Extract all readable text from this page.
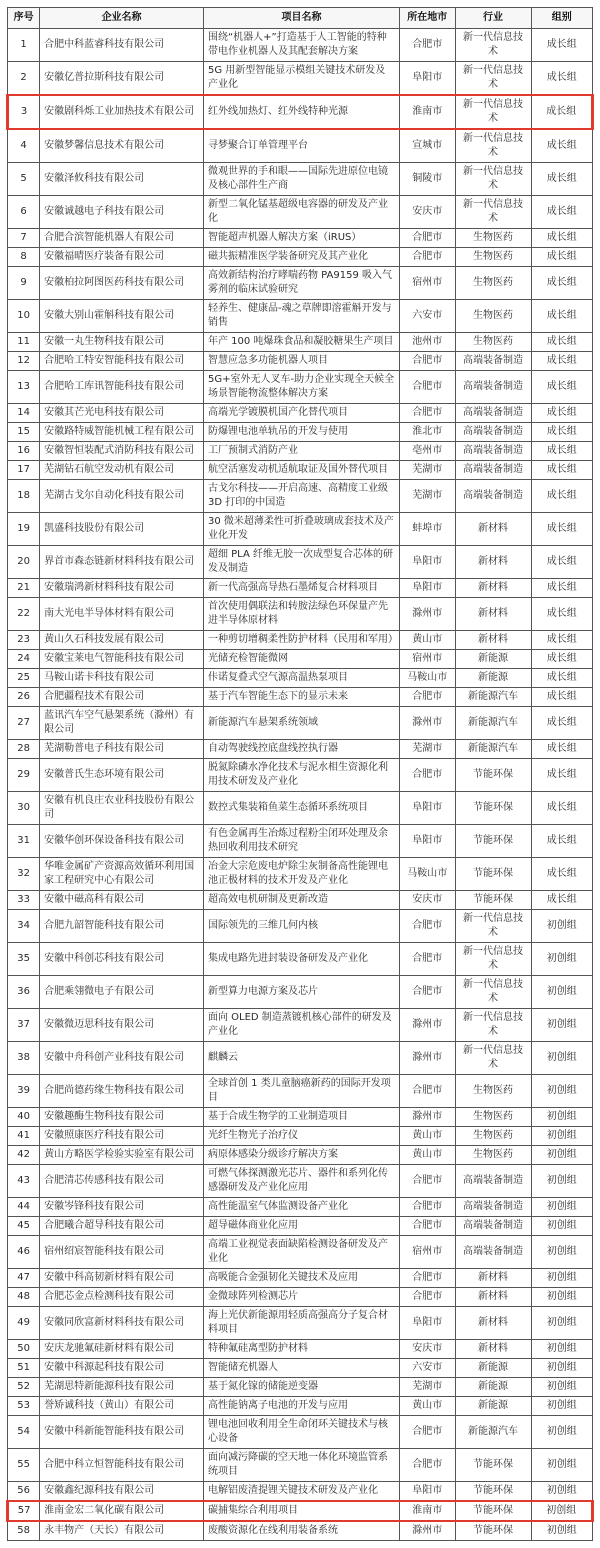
序号	企业名称	项目名称	所在地市	行业	组别
1	合肥中科蓝睿科技有限公司	围绕“机器人+”打造基于人工智能的特种带电作业机器人及其配套解决方案	合肥市	新一代信息技术	成长组
2	安徽亿普拉斯科技有限公司	5G 用新型智能显示模组关键技术研发及产业化	阜阳市	新一代信息技术	成长组
3	安徽剧科烁工业加热技术有限公司	红外线加热灯、红外线特种光源	淮南市	新一代信息技术	成长组
4	安徽梦馨信息技术有限公司	寻梦聚合订单管理平台	宣城市	新一代信息技术	成长组
5	安徽泽攸科技有限公司	微观世界的手和眼——国际先进原位电镜及核心部件生产商	铜陵市	新一代信息技术	成长组
6	安徽诚越电子科技有限公司	新型二氧化锰基超级电容器的研发及产业化	安庆市	新一代信息技术	成长组
7	合肥合滨智能机器人有限公司	智能超声机器人解决方案（iRUS）	合肥市	生物医药	成长组
8	安徽福晴医疗装备有限公司	磁共振精准医学装备研究及其产业化	合肥市	生物医药	成长组
9	安徽柏拉阿图医药科技有限公司	高效新结构治疗哮喘药物 PA9159 吸入气雾剂的临床试验研究	宿州市	生物医药	成长组
10	安徽大别山霍斛科技有限公司	轻养生、健康品-魂之草牌即溶霍斛开发与销售	六安市	生物医药	成长组
11	安徽一丸生物科技有限公司	年产 100 吨爆珠食品和凝胶糖果生产项目	池州市	生物医药	成长组
12	合肥哈工特安智能科技有限公司	智慧应急多功能机器人项目	合肥市	高端装备制造	成长组
13	合肥哈工库讯智能科技有限公司	5G+室外无人叉车-助力企业实现全天候全场景智能物流整体解决方案	合肥市	高端装备制造	成长组
14	安徽其芒光电科技有限公司	高端光学镀膜机国产化替代项目	合肥市	高端装备制造	成长组
15	安徽路特威智能机械工程有限公司	防爆锂电池单轨吊的开发与使用	淮北市	高端装备制造	成长组
16	安徽智恒装配式消防科技有限公司	工厂预制式消防产业	亳州市	高端装备制造	成长组
17	芜湖钻石航空发动机有限公司	航空活塞发动机适航取证及国外替代项目	芜湖市	高端装备制造	成长组
18	芜湖古戈尔自动化科技有限公司	古戈尔科技——开启高速、高精度工业级 3D 打印的中国造	芜湖市	高端装备制造	成长组
19	凯盛科技股份有限公司	30 微米超薄柔性可折叠玻璃成套技术及产业化开发	蚌埠市	新材料	成长组
20	界首市森态链新材料科技有限公司	超细 PLA 纤维无胶一次成型复合芯体的研发及制造	阜阳市	新材料	成长组
21	安徽瑞鸿新材料科技有限公司	新一代高强高导热石墨烯复合材料项目	阜阳市	新材料	成长组
22	南大光电半导体材料有限公司	首次使用偶联法和转胺法绿色环保量产先进半导体原材料	滁州市	新材料	成长组
23	黄山久石科技发展有限公司	一种剪切增稠柔性防护材料（民用和军用）	黄山市	新材料	成长组
24	安徽宝莱电气智能科技有限公司	光储充检智能微网	宿州市	新能源	成长组
25	马鞍山诺卡科技有限公司	佧诺复叠式空气源高温热泵项目	马鞍山市	新能源	成长组
26	合肥疆程技术有限公司	基于汽车智能生态下的显示未来	合肥市	新能源汽车	成长组
27	蓝讯汽车空气悬架系统（滁州）有限公司	新能源汽车悬架系统领域	滁州市	新能源汽车	成长组
28	芜湖勒普电子科技有限公司	自动驾驶线控底盘线控执行器	芜湖市	新能源汽车	成长组
29	安徽普氏生态环境有限公司	脱氮除磷水净化技术与泥水相生资源化利用技术研发及产业化	合肥市	节能环保	成长组
30	安徽有机良庄农业科技股份有限公司	数控式集装箱鱼菜生态循环系统项目	阜阳市	节能环保	成长组
31	安徽华创环保设备科技有限公司	有色金属再生冶炼过程粉尘闭环处理及余热回收利用技术研究	阜阳市	节能环保	成长组
32	华唯金属矿产资源高效循环利用国家工程研究中心有限公司	冶金大宗危废电炉除尘灰制备高性能锂电池正极材料的技术开发及产业化	马鞍山市	节能环保	成长组
33	安徽中磁高科有限公司	超高效电机研制及更新改造	安庆市	节能环保	成长组
34	合肥九韶智能科技有限公司	国际领先的三维几何内核	合肥市	新一代信息技术	初创组
35	安徽中科创芯科技有限公司	集成电路先进封装设备研发及产业化	合肥市	新一代信息技术	初创组
36	合肥乘翎微电子有限公司	新型算力电源方案及芯片	合肥市	新一代信息技术	初创组
37	安徽微迈思科技有限公司	面向 OLED 制造蒸镀机核心部件的研发及产业化	滁州市	新一代信息技术	初创组
38	安徽中舟科创产业科技有限公司	麒麟云	滁州市	新一代信息技术	初创组
39	合肥尚德药缘生物科技有限公司	全球首创 1 类儿童脑癌新药的国际开发项目	合肥市	生物医药	初创组
40	安徽趣酶生物科技有限公司	基于合成生物学的工业制造项目	滁州市	生物医药	初创组
41	安徽照康医疗科技有限公司	光纤生物光子治疗仪	黄山市	生物医药	初创组
42	黄山方略医学检验实验室有限公司	病原体感染分级诊疗解决方案	黄山市	生物医药	初创组
43	合肥清芯传感科技有限公司	可燃气体探测激光芯片、器件和系列化传感器研发及产业化应用	合肥市	高端装备制造	初创组
44	安徽岑锋科技有限公司	高性能温室气体监测设备产业化	合肥市	高端装备制造	初创组
45	合肥曦合超导科技有限公司	超导磁体商业化应用	合肥市	高端装备制造	初创组
46	宿州绍宸智能科技有限公司	高端工业视觉表面缺陷检测设备研发及产业化	宿州市	高端装备制造	初创组
47	安徽中科高韧新材料有限公司	高吸能合金强韧化关键技术及应用	合肥市	新材料	初创组
48	合肥芯金点检测科技有限公司	金微球阵列检测芯片	合肥市	新材料	初创组
49	安徽同欣富新材料科技有限公司	海上光伏新能源用轻质高强高分子复合材料项目	阜阳市	新材料	初创组
50	安庆龙驰氟硅新材料有限公司	特种氟硅离型防护材料	安庆市	新材料	初创组
51	安徽中科源起科技有限公司	智能储充机器人	六安市	新能源	初创组
52	芜湖思特新能源科技有限公司	基于氮化镓的储能逆变器	芜湖市	新能源	初创组
53	誉矫诚科技（黄山）有限公司	高性能钠离子电池的开发与应用	黄山市	新能源	初创组
54	安徽中科新能智能科技有限公司	锂电池回收利用全生命闭环关键技术与核心设备	合肥市	新能源汽车	初创组
55	合肥中科立恒智能科技有限公司	面向减污降碳的空天地一体化环境监管系统项目	合肥市	节能环保	初创组
56	安徽鑫纪源科技有限公司	电解铝废渣提锂关键技术研发及产业化	阜阳市	节能环保	初创组
57	淮南金宏二氧化碳有限公司	碳捕集综合利用项目	淮南市	节能环保	初创组
58	永丰物产（天长）有限公司	废酸资源化在线利用装备系统	滁州市	节能环保	初创组
